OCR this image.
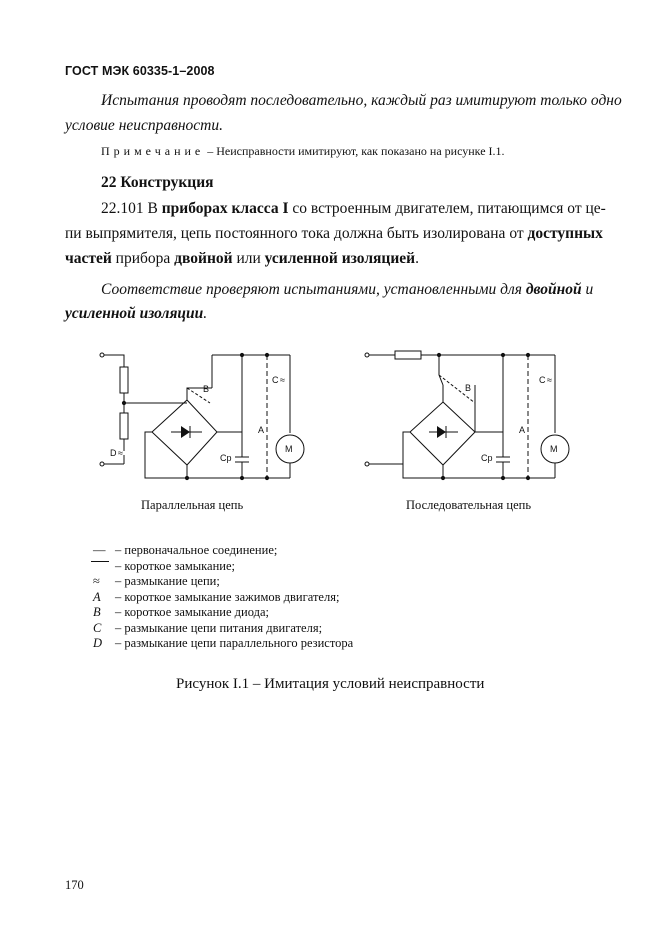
ГОСТ МЭК 60335-1–2008
Испытания проводят последовательно, каждый раз имитируют только одно
условие неисправности.
Примечание – Неисправности имитируют, как показано на рисунке I.1.
22 Конструкция
22.101 В приборах класса I со встроенным двигателем, питающимся от це-
пи выпрямителя, цепь постоянного тока должна быть изолирована от доступных
частей прибора двойной или усиленной изоляцией.
Соответствие проверяют испытаниями, установленными для двойной и
усиленной изоляции.
B
C ≈
A
Cp
M
D ≈
B
C ≈
A
Cp
M
Параллельная цепь	Последовательная цепь
— – первоначальное соединение;
– короткое замыкание;
≈	– размыкание цепи;
A	– короткое замыкание зажимов двигателя;
B	– короткое замыкание диода;
C	– размыкание цепи питания двигателя;
D	– размыкание цепи параллельного резистора
Рисунок I.1 – Имитация условий неисправности
170
